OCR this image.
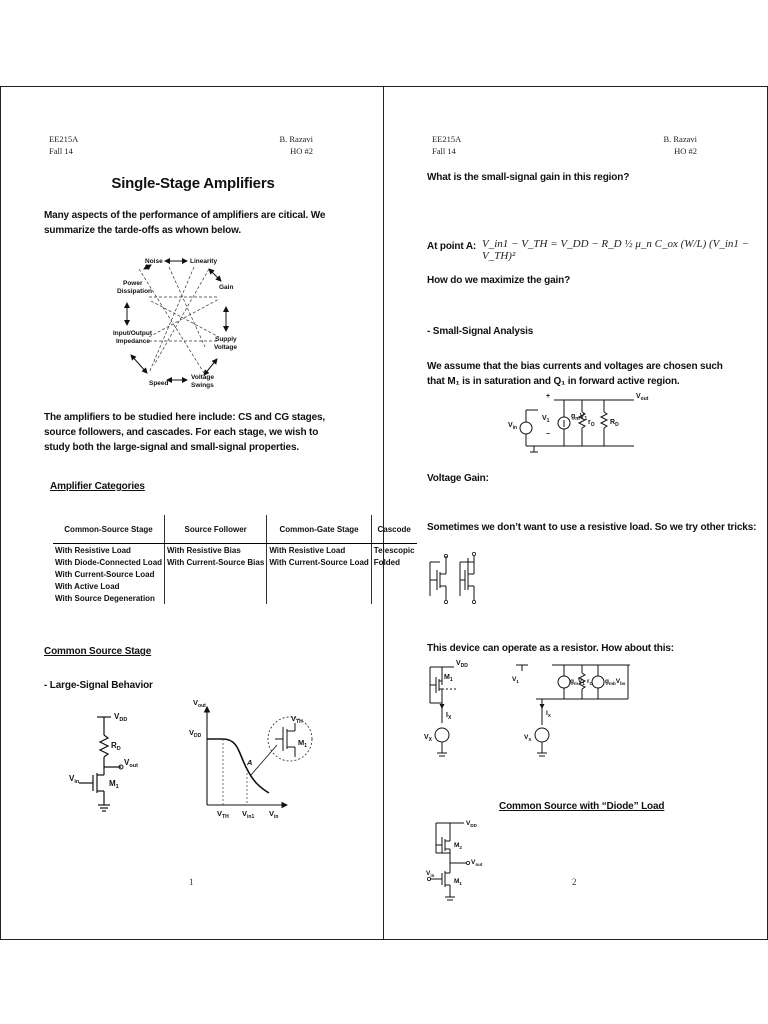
EE215A
Fall 14
B. Razavi
HO #2
Single-Stage Amplifiers

Many aspects of the performance of amplifiers are citical. We summarize the tarde-offs as whown below.

Noise	Linearity
Power
Dissipation
Gain
Input/Output
Impedance	Supply
Voltage
Speed
Voltage
Swings

The amplifiers to be studied here include: CS and CG stages, source followers, and cascades. For each stage, we wish to study both the large-signal and small-signal properties.

Amplifier Categories
Common-Source Stage	Source Follower	Common-Gate Stage	Cascode
With Resistive Load	With Resistive Bias	With Resistive Load	Telescopic
With Diode-Connected Load	With Current-Source Bias	With Current-Source Load	Folded
With Current-Source Load			
With Active Load			
With Source Degeneration			
Common Source Stage
- Large-Signal Behavior
$V_{DD}$
$R_D$
$V_{out}$
$V_{in}$	$M_1$
$V_{out}$
$V_{DD}$
$V_{TH}$ $V_{in1}$ $V_{in}$
A
$V_{TH}$
$M_1$
1
EE215A
Fall 14
B. Razavi
HO #2
What is the small-signal gain in this region?
At point A: V_in1 − V_TH = V_DD − R_D ½ μ_n C_ox (W/L) (V_in1 − V_TH)²
How do we maximize the gain?
- Small-Signal Analysis

We assume that the bias currents and voltages are chosen such that M₁ is in saturation and Q₁ in forward active region.

$V_{in}$
+
$V_1$
−
$g_mV_1$ $r_O$ $R_D$
$V_{out}$
Voltage Gain:
Sometimes we don’t want to use a resistive load. So we try other tricks:
This device can operate as a resistor. How about this:
$V_{DD}$
$M_1$
$I_X$
$V_X$
$V_1$	$g_mV_1$ $r_O$ $g_{mb}V_{bs}$
$I_X$
$V_X$
Common Source with “Diode” Load
$V_{DD}$
$M_2$
$V_{out}$
$V_{in}$
$M_1$	2
